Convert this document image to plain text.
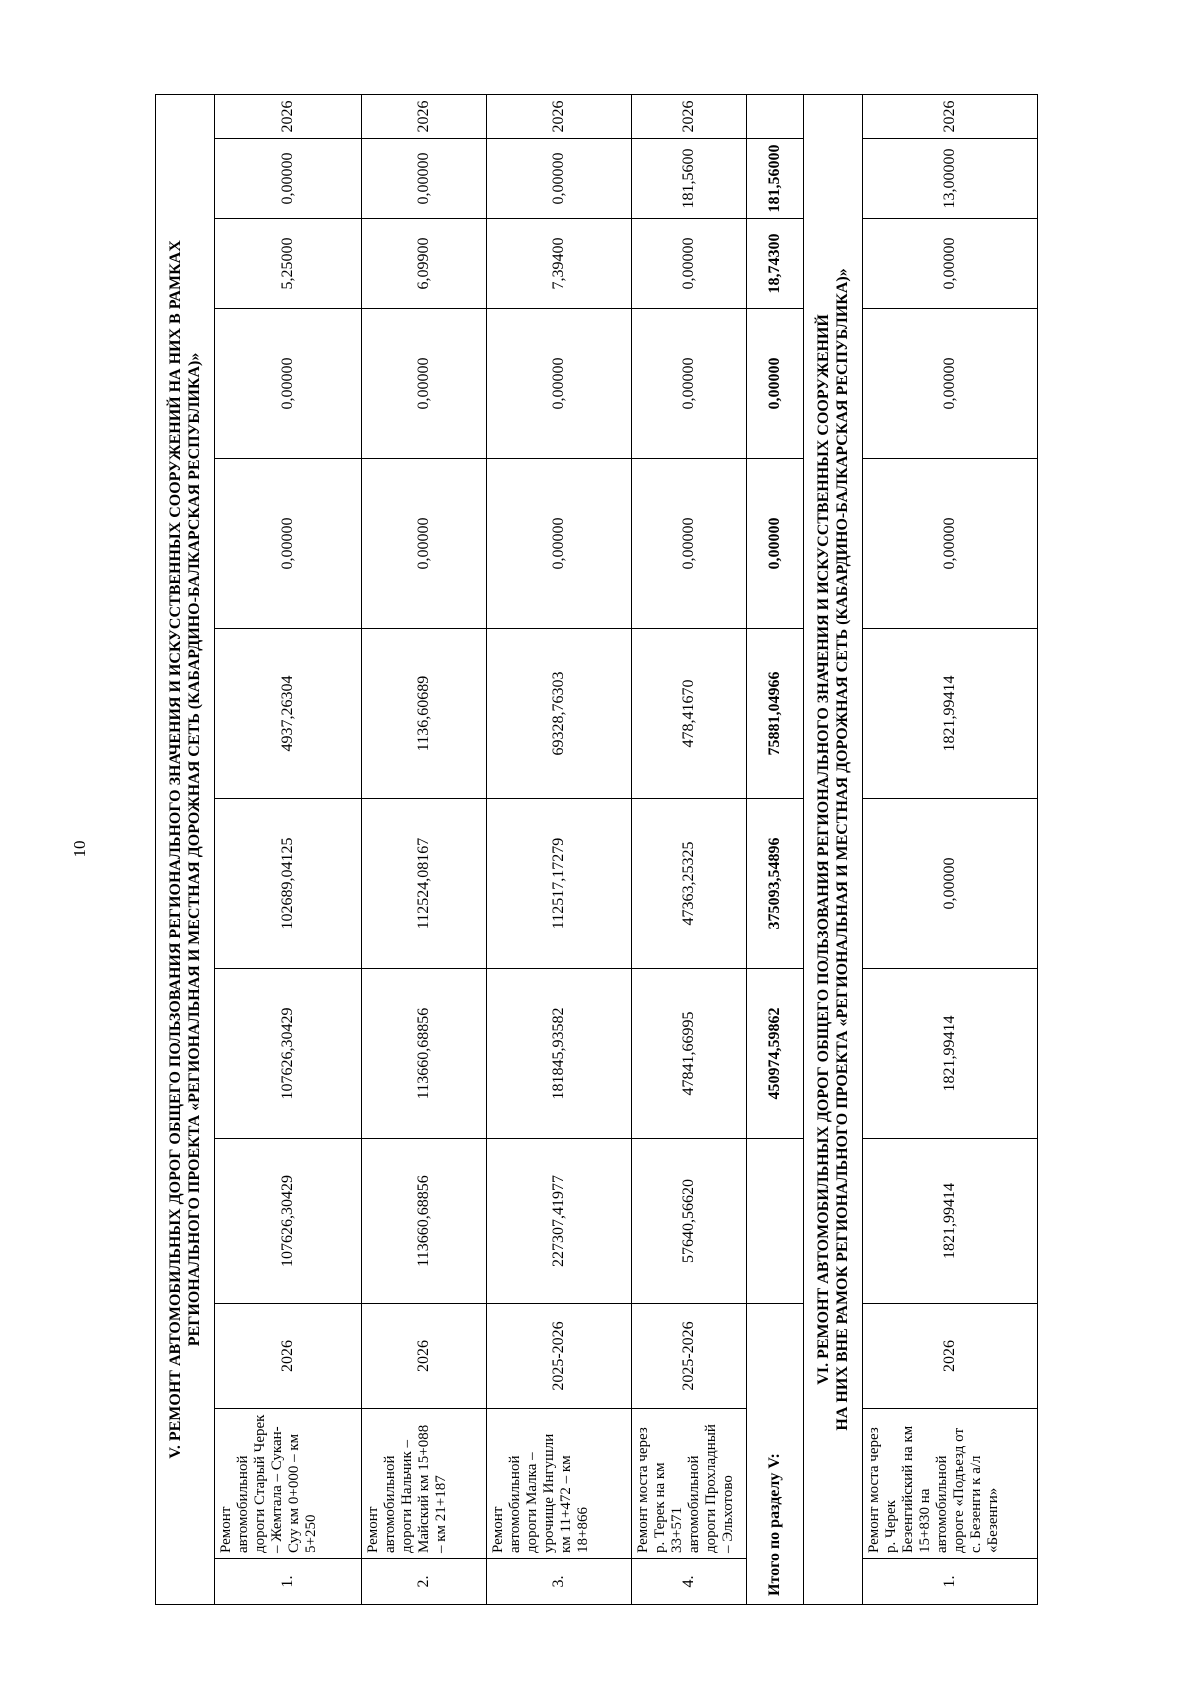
10	V. РЕМОНТ АВТОМОБИЛЬНЫХ ДОРОГ ОБЩЕГО ПОЛЬЗОВАНИЯ РЕГИОНАЛЬНОГО ЗНАЧЕНИЯ И ИСКУССТВЕННЫХ СООРУЖЕНИЙ НА НИХ В РАМКАХ РЕГИОНАЛЬНОГО ПРОЕКТА «РЕГИОНАЛЬНАЯ И МЕСТНАЯ ДОРОЖНАЯ СЕТЬ (КАБАРДИНО-БАЛКАРСКАЯ РЕСПУБЛИКА)»											

1.	Ремонт автомобильной дороги Старый Черек – Жемтала – Сукан-Суу км 0+000 – км 5+250	2026	107626,30429	107626,30429	102689,04125	4937,26304	0,00000	0,00000	5,25000	0,00000	2026
2.	Ремонт автомобильной дороги Нальчик – Майский км 15+088 – км 21+187	2026	113660,68856	113660,68856	112524,08167	1136,60689	0,00000	0,00000	6,09900	0,00000	2026
3.	Ремонт автомобильной дороги Малка – урочище Ингушли км 11+472 – км 18+866	2025-2026	227307,41977	181845,93582	112517,17279	69328,76303	0,00000	0,00000	7,39400	0,00000	2026
4.	Ремонт моста через р. Терек на км 33+571 автомобильной дороги Прохладный – Эльхотово	2025-2026	57640,56620	47841,66995	47363,25325	478,41670	0,00000	0,00000	0,00000	181,5600	2026
Итого по разделу V:				450974,59862	375093,54896	75881,04966	0,00000	0,00000	18,74300	181,56000	

VI. РЕМОНТ АВТОМОБИЛЬНЫХ ДОРОГ ОБЩЕГО ПОЛЬЗОВАНИЯ РЕГИОНАЛЬНОГО ЗНАЧЕНИЯ И ИСКУССТВЕННЫХ СООРУЖЕНИЙ НА НИХ ВНЕ РАМОК РЕГИОНАЛЬНОГО ПРОЕКТА «РЕГИОНАЛЬНАЯ И МЕСТНАЯ ДОРОЖНАЯ СЕТЬ (КАБАРДИНО-БАЛКАРСКАЯ РЕСПУБЛИКА)»											

1.	Ремонт моста через р. Черек Безенгийский на км 15+830 на автомобильной дороге «Подъезд от с. Безенги к а/л «Безенги»	2026	1821,99414	1821,99414	0,00000	1821,99414	0,00000	0,00000	0,00000	13,00000	2026
